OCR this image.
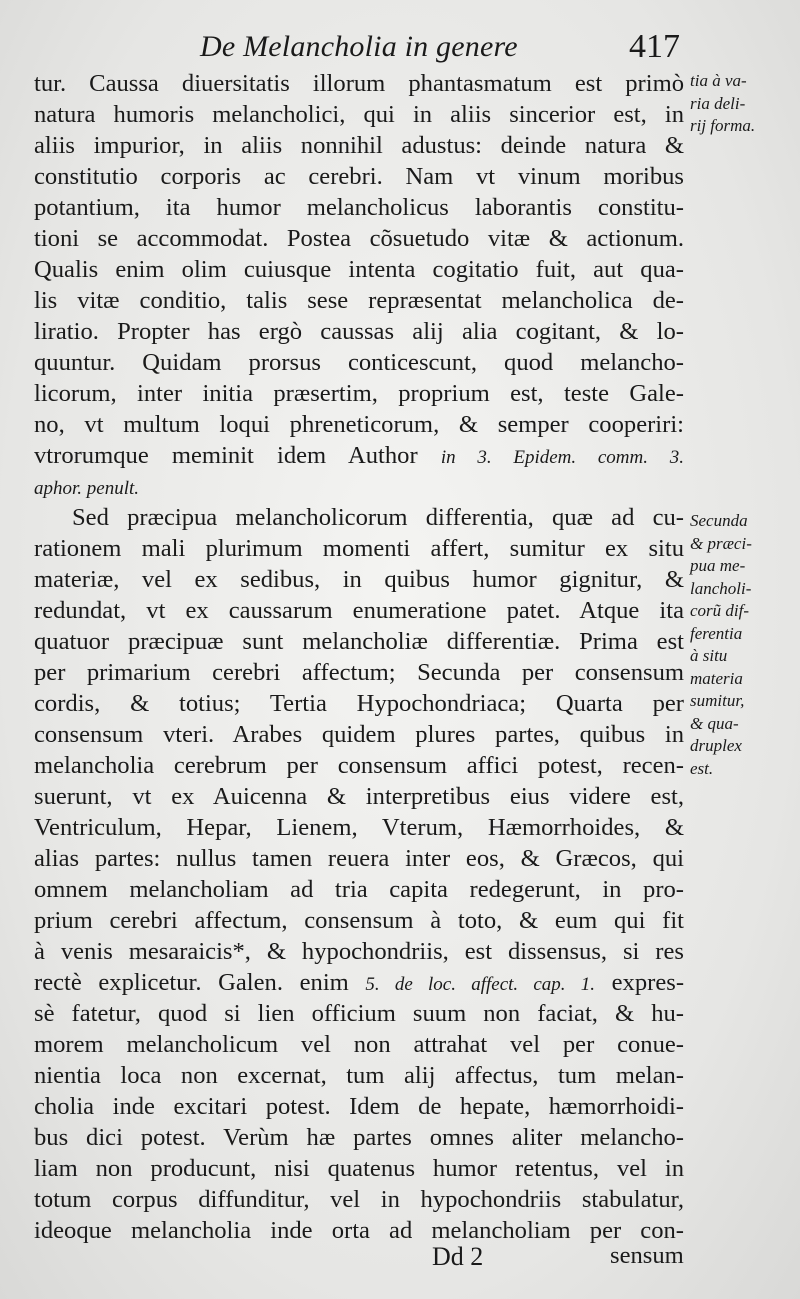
De Melancholia in genere	417
tur. Caussa diuersitatis illorum phantasmatum est primò
natura humoris melancholici, qui in aliis sincerior est, in
aliis impurior, in aliis nonnihil adustus: deinde natura &
constitutio corporis ac cerebri. Nam vt vinum moribus
potantium, ita humor melancholicus laborantis constitu-
tioni se accommodat. Postea cõsuetudo vitæ & actionum.
Qualis enim olim cuiusque intenta cogitatio fuit, aut qua-
lis vitæ conditio, talis sese repræsentat melancholica de-
liratio. Propter has ergò caussas alij alia cogitant, & lo-
quuntur. Quidam prorsus conticescunt, quod melancho-
licorum, inter initia præsertim, proprium est, teste Gale-
no, vt multum loqui phreneticorum, & semper cooperiri:
vtrorumque meminit idem Author in 3. Epidem. comm. 3.
aphor. penult.
Sed præcipua melancholicorum differentia, quæ ad cu-
rationem mali plurimum momenti affert, sumitur ex situ
materiæ, vel ex sedibus, in quibus humor gignitur, &
redundat, vt ex caussarum enumeratione patet. Atque ita
quatuor præcipuæ sunt melancholiæ differentiæ. Prima est
per primarium cerebri affectum; Secunda per consensum
cordis, & totius; Tertia Hypochondriaca; Quarta per
consensum vteri. Arabes quidem plures partes, quibus in
melancholia cerebrum per consensum affici potest, recen-
suerunt, vt ex Auicenna & interpretibus eius videre est,
Ventriculum, Hepar, Lienem, Vterum, Hæmorrhoides, &
alias partes: nullus tamen reuera inter eos, & Græcos, qui
omnem melancholiam ad tria capita redegerunt, in pro-
prium cerebri affectum, consensum à toto, & eum qui fit
à venis mesaraicis*, & hypochondriis, est dissensus, si res
rectè explicetur. Galen. enim 5. de loc. affect. cap. 1. expres-
sè fatetur, quod si lien officium suum non faciat, & hu-
morem melancholicum vel non attrahat vel per conue-
nientia loca non excernat, tum alij affectus, tum melan-
cholia inde excitari potest. Idem de hepate, hæmorrhoidi-
bus dici potest. Verùm hæ partes omnes aliter melancho-
liam non producunt, nisi quatenus humor retentus, vel in
totum corpus diffunditur, vel in hypochondriis stabulatur,
ideoque melancholia inde orta ad melancholiam per con-
tia à va-
ria deli-
rij forma.
Secunda
& præci-
pua me-
lancholi-
corũ dif-
ferentia
à situ
materia
sumitur,
& qua-
druplex
est.
Dd 2	sensum
